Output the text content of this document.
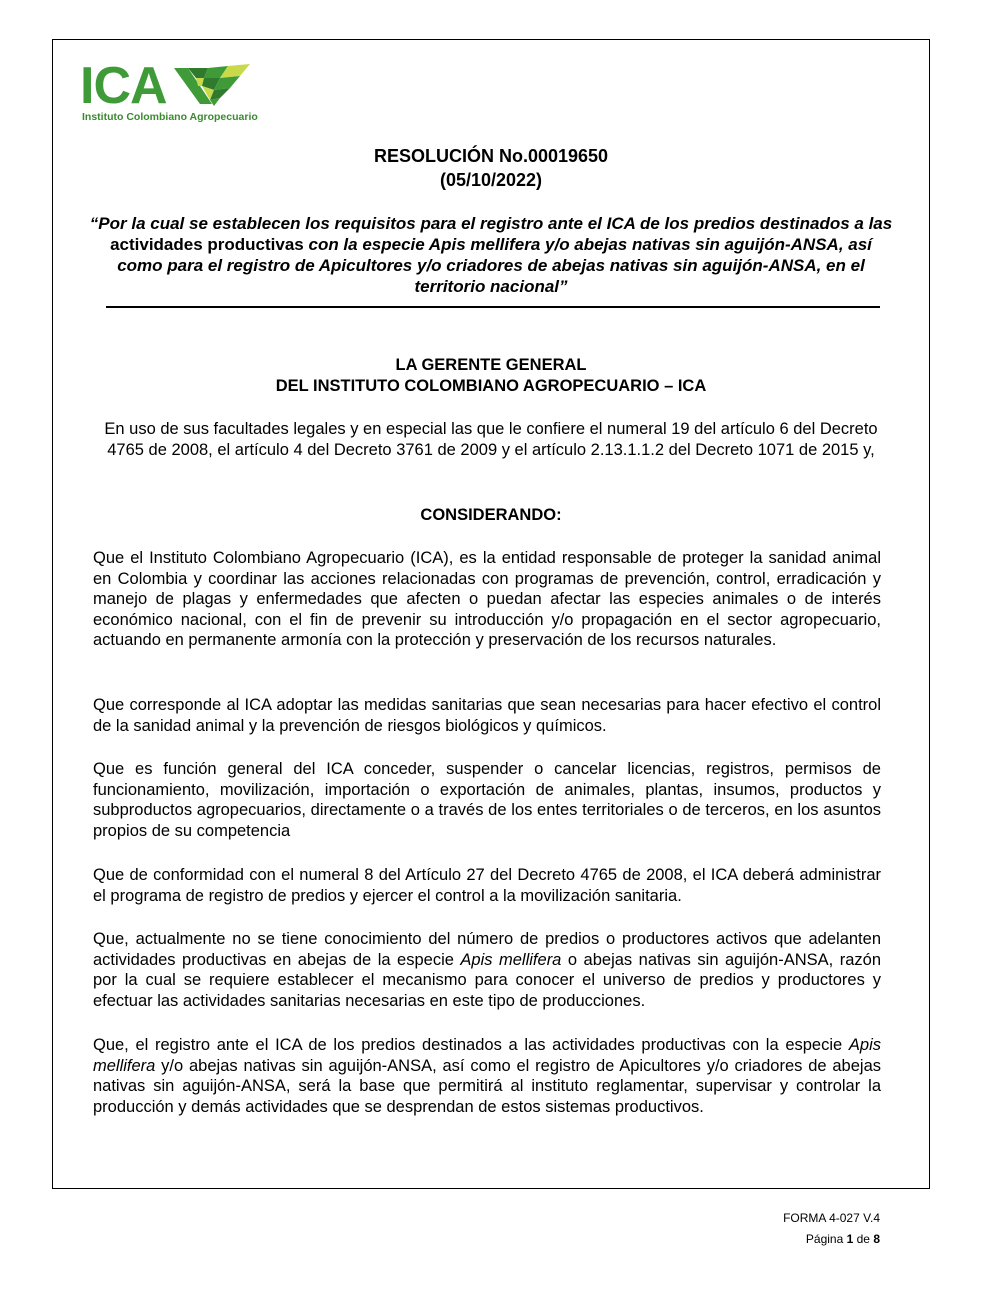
ICA
Instituto Colombiano Agropecuario
RESOLUCIÓN No.00019650
(05/10/2022)
“Por la cual se establecen los requisitos para el registro ante el ICA de los predios destinados a las
actividades productivas con la especie Apis mellifera y/o abejas nativas sin aguijón-ANSA, así
como para el registro de Apicultores y/o criadores de abejas nativas sin aguijón-ANSA, en el
territorio nacional”
LA GERENTE GENERAL
DEL INSTITUTO COLOMBIANO AGROPECUARIO – ICA
En uso de sus facultades legales y en especial las que le confiere el numeral 19 del artículo 6 del Decreto 4765 de 2008, el artículo 4 del Decreto 3761 de 2009 y el artículo 2.13.1.1.2 del Decreto 1071 de 2015 y,
CONSIDERANDO:
Que el Instituto Colombiano Agropecuario (ICA), es la entidad responsable de proteger la sanidad animal en Colombia y coordinar las acciones relacionadas con programas de prevención, control, erradicación y manejo de plagas y enfermedades que afecten o puedan afectar las especies animales o de interés económico nacional, con el fin de prevenir su introducción y/o propagación en el sector agropecuario, actuando en permanente armonía con la protección y preservación de los recursos naturales.
Que corresponde al ICA adoptar las medidas sanitarias que sean necesarias para hacer efectivo el control de la sanidad animal y la prevención de riesgos biológicos y químicos.
Que es función general del ICA conceder, suspender o cancelar licencias, registros, permisos de funcionamiento, movilización, importación o exportación de animales, plantas, insumos, productos y subproductos agropecuarios, directamente o a través de los entes territoriales o de terceros, en los asuntos propios de su competencia
Que de conformidad con el numeral 8 del Artículo 27 del Decreto 4765 de 2008, el ICA deberá administrar el programa de registro de predios y ejercer el control a la movilización sanitaria.
Que, actualmente no se tiene conocimiento del número de predios o productores activos que adelanten actividades productivas en abejas de la especie Apis mellifera o abejas nativas sin aguijón-ANSA, razón por la cual se requiere establecer el mecanismo para conocer el universo de predios y productores y efectuar las actividades sanitarias necesarias en este tipo de producciones.
Que, el registro ante el ICA de los predios destinados a las actividades productivas con la especie Apis mellifera y/o abejas nativas sin aguijón-ANSA, así como el registro de Apicultores y/o criadores de abejas nativas sin aguijón-ANSA, será la base que permitirá al instituto reglamentar, supervisar y controlar la producción y demás actividades que se desprendan de estos sistemas productivos.
FORMA 4-027 V.4
Página 1 de 8
